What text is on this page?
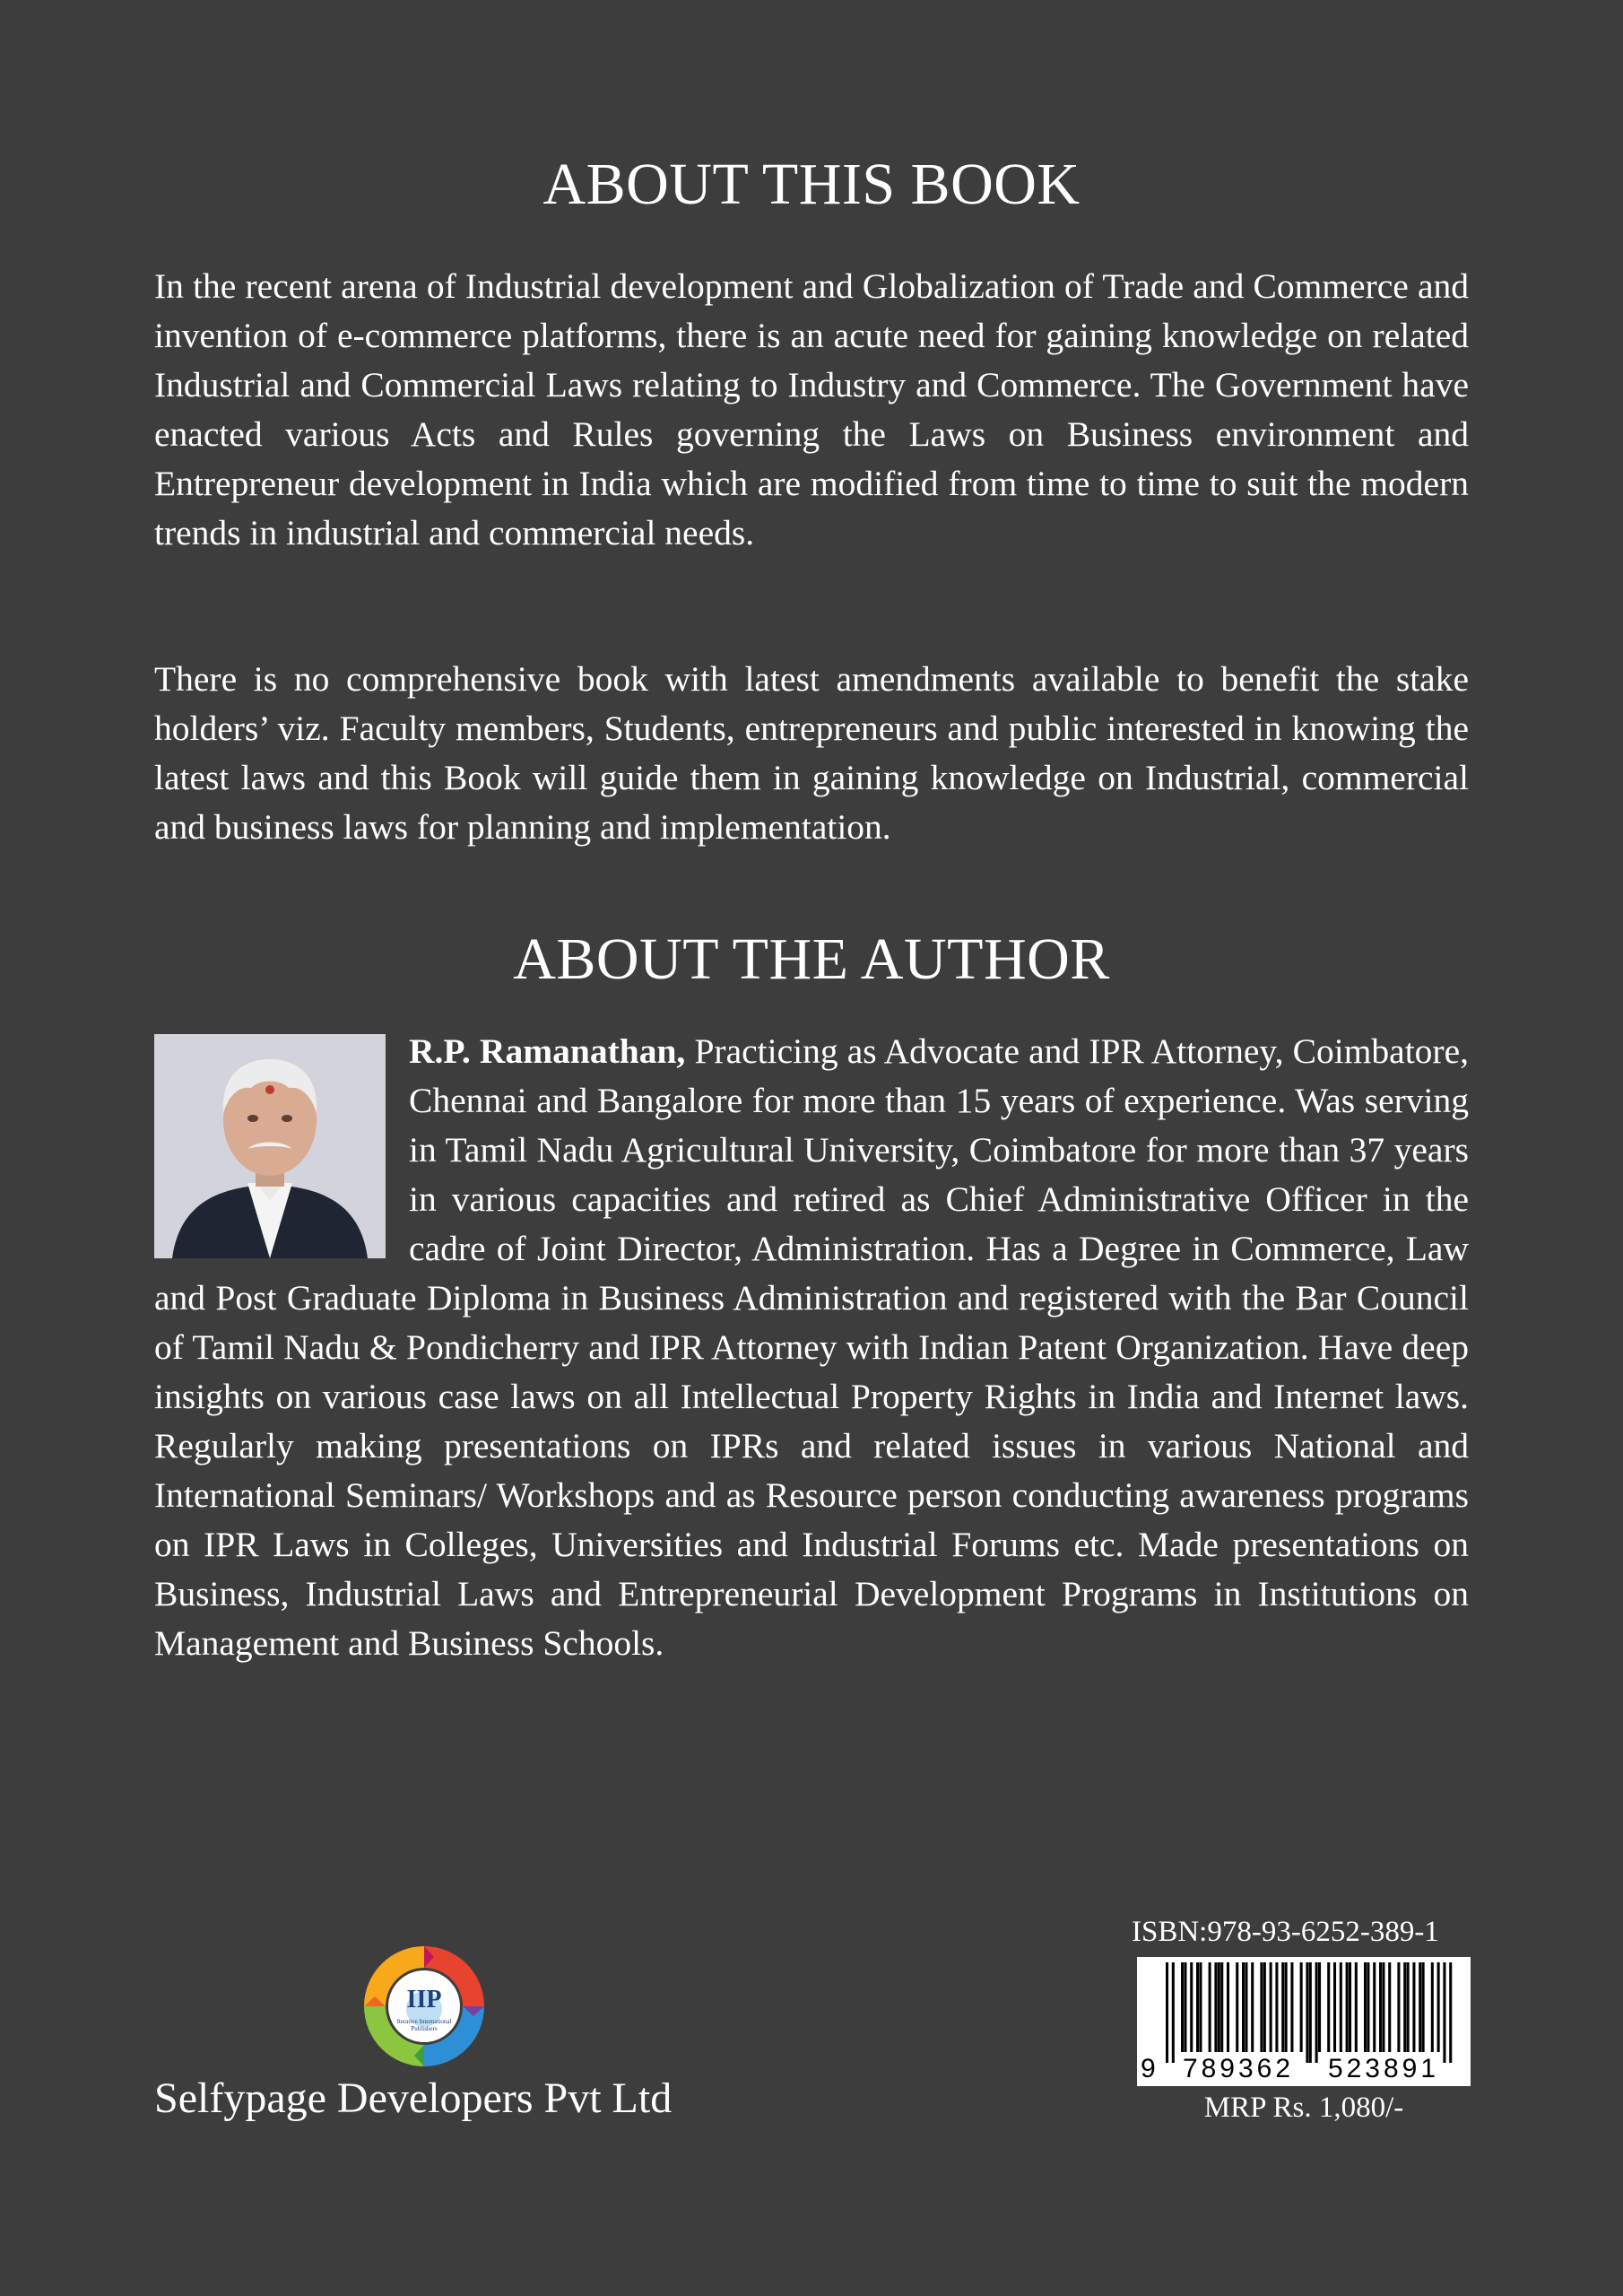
ABOUT THIS BOOK

In the recent arena of Industrial development and Globalization of Trade and Commerce and invention of e-commerce platforms, there is an acute need for gaining knowledge on related Industrial and Commercial Laws relating to Industry and Commerce. The Government have enacted various Acts and Rules governing the Laws on Business environment and Entrepreneur development in India which are modified from time to time to suit the modern trends in industrial and commercial needs.

There is no comprehensive book with latest amendments available to benefit the stake holders’ viz. Faculty members, Students, entrepreneurs and public interested in knowing the latest laws and this Book will guide them in gaining knowledge on Industrial, commercial and business laws for planning and implementation.

ABOUT THE AUTHOR
R.P. Ramanathan, Practicing as Advocate and IPR Attorney, Coimbatore, Chennai and Bangalore for more than 15 years of experience. Was serving in Tamil Nadu Agricultural University, Coimbatore for more than 37 years in various capacities and retired as Chief Administrative Officer in the cadre of Joint Director, Administration. Has a Degree in Commerce, Law and Post Graduate Diploma in Business Administration and registered with the Bar Council of Tamil Nadu & Pondicherry and IPR Attorney with Indian Patent Organization. Have deep insights on various case laws on all Intellectual Property Rights in India and Internet laws. Regularly making presentations on IPRs and related issues in various National and International Seminars/ Workshops and as Resource person conducting awareness programs on IPR Laws in Colleges, Universities and Industrial Forums etc. Made presentations on Business, Industrial Laws and Entrepreneurial Development Programs in Institutions on Management and Business Schools.
IIP
Iterative International Publishers

Selfypage Developers Pvt Ltd

ISBN:978-93-6252-389-1
9	789362	523891
MRP Rs. 1,080/-
